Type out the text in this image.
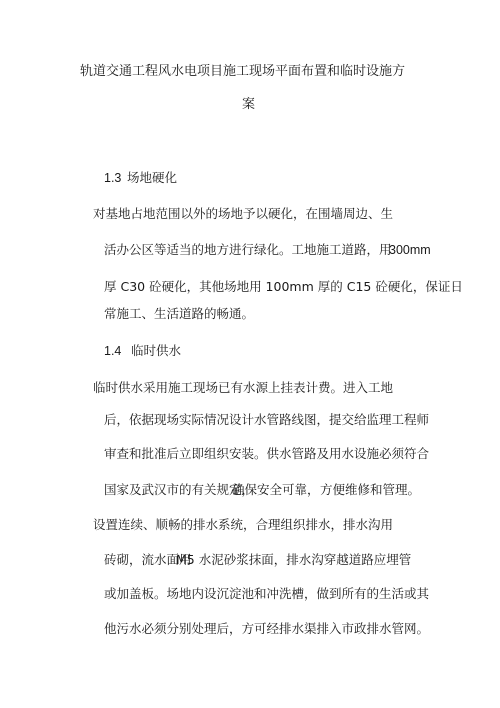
轨道交通工程风水电项目施工现场平面布置和临时设施方
案
1.3 场地硬化
对基地占地范围以外的场地予以硬化，在围墙周边、生
活办公区等适当的地方进行绿化。工地施工道路，用
300mm
厚 C30 砼硬化，其他场地用 100mm 厚的 C15 砼硬化，保证日
常施工、生活道路的畅通。
1.4 临时供水
临时供水采用施工现场已有水源上挂表计费。进入工地
后，依据现场实际情况设计水管路线图，提交给监理工程师
审查和批准后立即组织安装。供水管路及用水设施必须符合
国家及武汉市的有关规定，
确保安全可靠， 方便维修和管理。
设置连续、顺畅的排水系统，合理组织排水，排水沟用
砖砌，流水面用
M5 水泥砂浆抹面，排水沟穿越道路应埋管
或加盖板。场地内设沉淀池和冲洗槽，做到所有的生活或其
他污水必须分别处理后，方可经排水渠排入市政排水管网。
